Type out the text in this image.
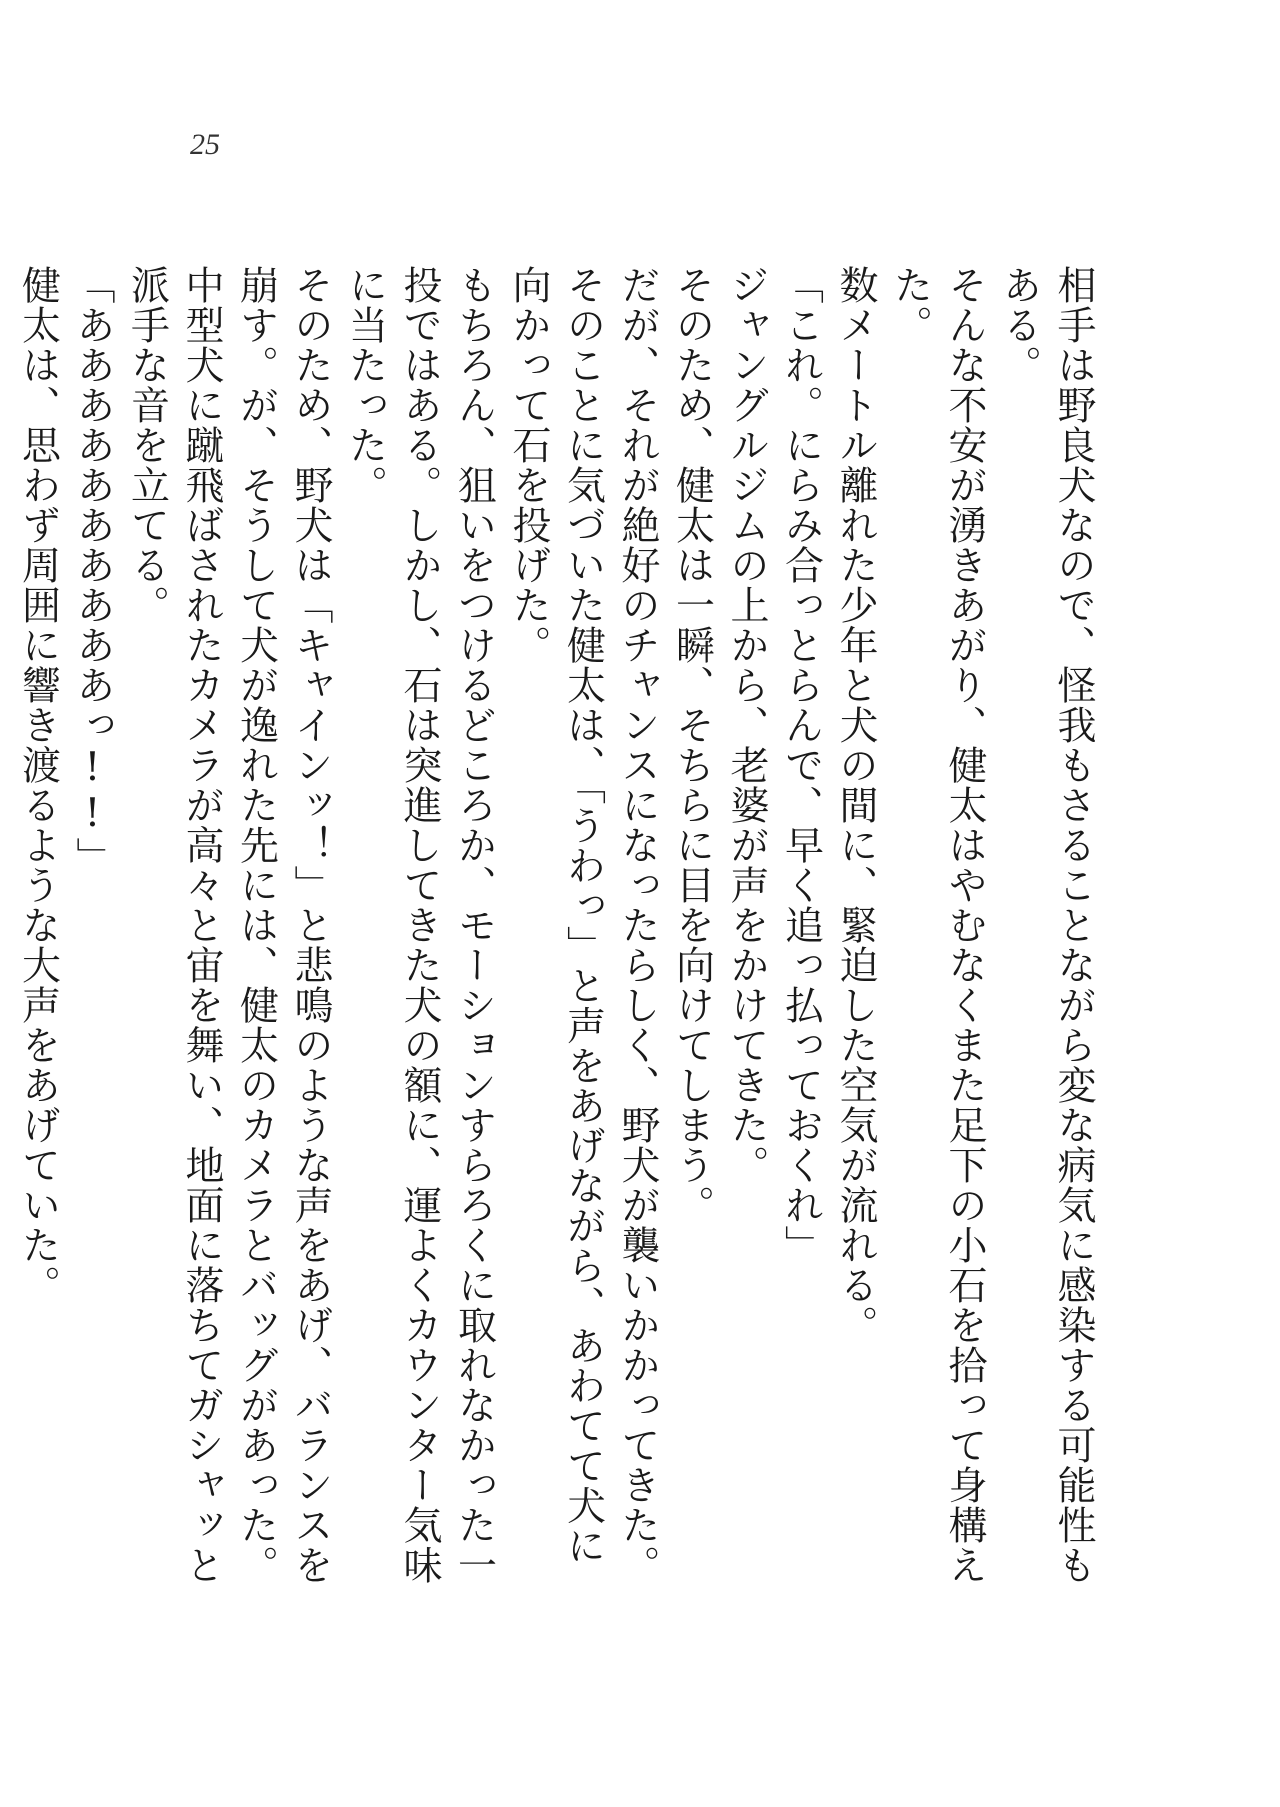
25

相手は野良犬なので、怪我もさることながら変な病気に感染する可能性もある。

そんな不安が湧きあがり、健太はやむなくまた足下の小石を拾って身構えた。

数メートル離れた少年と犬の間に、緊迫した空気が流れる。

「これ。にらみ合っとらんで、早く追っ払っておくれ」

ジャングルジムの上から、老婆が声をかけてきた。

そのため、健太は一瞬、そちらに目を向けてしまう。

だが、それが絶好のチャンスになったらしく、野犬が襲いかかってきた。

そのことに気づいた健太は、「うわっ」と声をあげながら、あわてて犬に向かって石を投げた。

もちろん、狙いをつけるどころか、モーションすらろくに取れなかった一投ではある。しかし、石は突進してきた犬の額に、運よくカウンター気味に当たった。

そのため、野犬は「キャインッ！」と悲鳴のような声をあげ、バランスを崩す。が、そうして犬が逸れた先には、健太のカメラとバッグがあった。

中型犬に蹴飛ばされたカメラが高々と宙を舞い、地面に落ちてガシャッと派手な音を立てる。

「ああああああああああっ!!」

健太は、思わず周囲に響き渡るような大声をあげていた。
